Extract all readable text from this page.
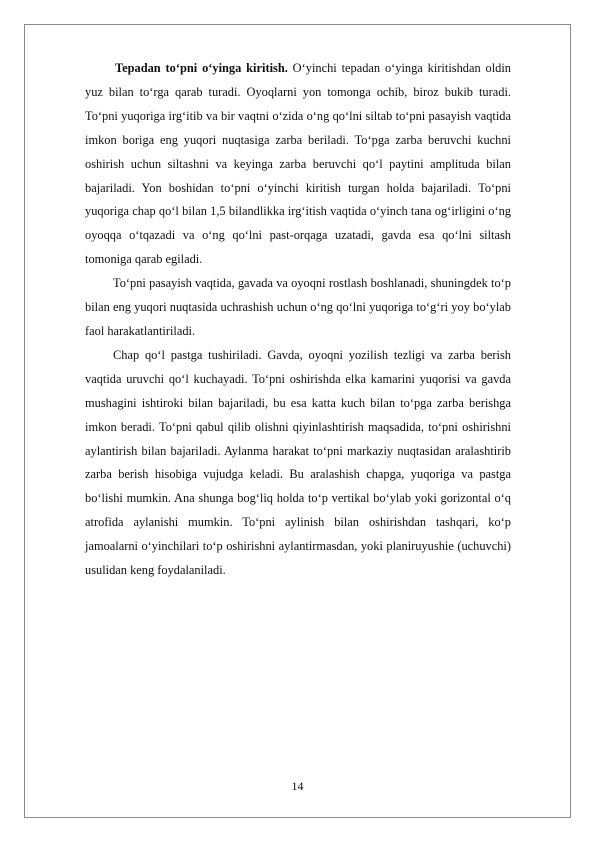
Tepadan to‘pni o‘yinga kiritish. O‘yinchi tepadan o‘yinga kiritishdan oldin yuz bilan to‘rga qarab turadi. Oyoqlarni yon tomonga ochib, biroz bukib turadi. To‘pni yuqoriga irg‘itib va bir vaqtni o‘zida o‘ng qo‘lni siltab to‘pni pasayish vaqtida imkon boriga eng yuqori nuqtasiga zarba beriladi. To‘pga zarba beruvchi kuchni oshirish uchun siltashni va keyinga zarba beruvchi qo‘l paytini amplituda bilan bajariladi. Yon boshidan to‘pni o‘yinchi kiritish turgan holda bajariladi. To‘pni yuqoriga chap qo‘l bilan 1,5 bilandlikka irg‘itish vaqtida o‘yinch tana og‘irligini o‘ng oyoqqa o‘tqazadi va o‘ng qo‘lni past-orqaga uzatadi, gavda esa qo‘lni siltash tomoniga qarab egiladi.

To‘pni pasayish vaqtida, gavada va oyoqni rostlash boshlanadi, shuningdek to‘p bilan eng yuqori nuqtasida uchrashish uchun o‘ng qo‘lni yuqoriga to‘g‘ri yoy bo‘ylab faol harakatlantiriladi.

Chap qo‘l pastga tushiriladi. Gavda, oyoqni yozilish tezligi va zarba berish vaqtida uruvchi qo‘l kuchayadi. To‘pni oshirishda elka kamarini yuqorisi va gavda mushagini ishtiroki bilan bajariladi, bu esa katta kuch bilan to‘pga zarba berishga imkon beradi. To‘pni qabul qilib olishni qiyinlashtirish maqsadida, to‘pni oshirishni aylantirish bilan bajariladi. Aylanma harakat to‘pni markaziy nuqtasidan aralashtirib zarba berish hisobiga vujudga keladi. Bu aralashish chapga, yuqoriga va pastga bo‘lishi mumkin. Ana shunga bog‘liq holda to‘p vertikal bo‘ylab yoki gorizontal o‘q atrofida aylanishi mumkin. To‘pni aylinish bilan oshirishdan tashqari, ko‘p jamoalarni o‘yinchilari to‘p oshirishni aylantirmasdan, yoki planiruyushie (uchuvchi) usulidan keng foydalaniladi.

14
